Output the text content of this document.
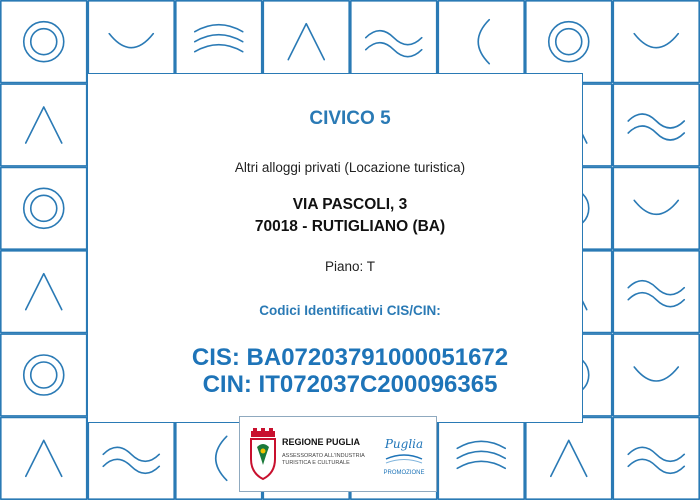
CIVICO 5

Altri alloggi privati (Locazione turistica)

VIA PASCOLI, 3

70018 - RUTIGLIANO (BA)

Piano: T

Codici Identificativi CIS/CIN:

CIS: BA07203791000051672

CIN: IT072037C200096365

REGIONE PUGLIA

ASSESSORATO ALL'INDUSTRIA TURISTICA E CULTURALE

Puglia

PROMOZIONE
